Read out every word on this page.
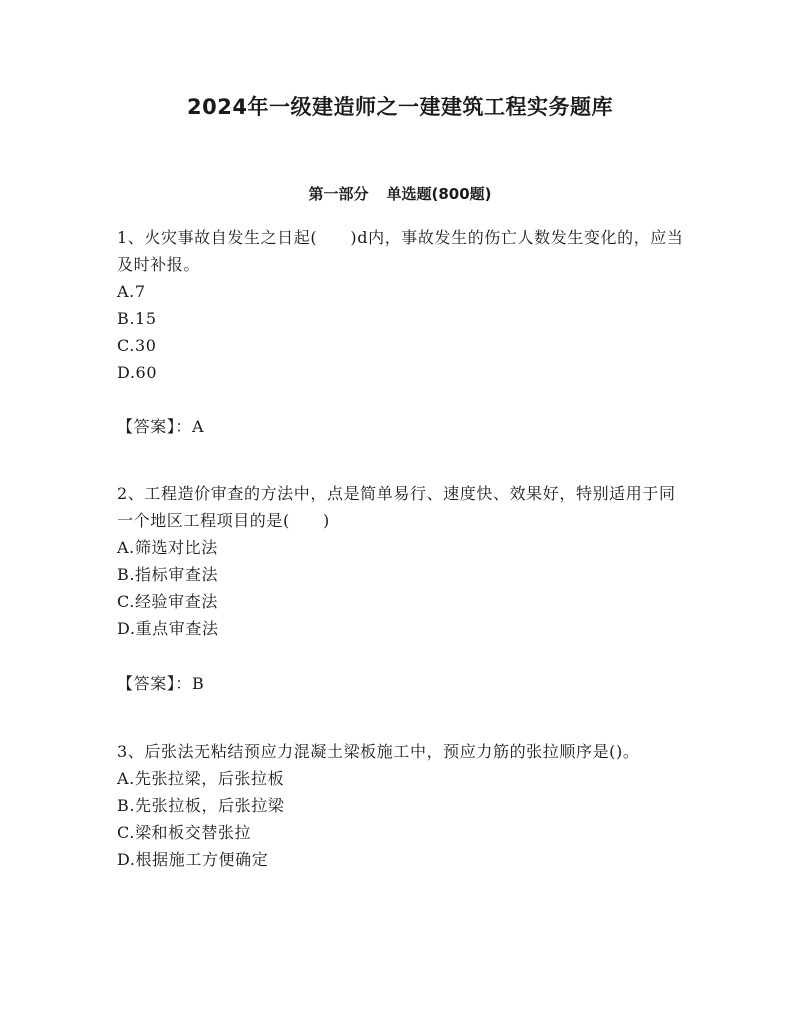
2024年一级建造师之一建建筑工程实务题库
第一部分 单选题(800题)

1、火灾事故自发生之日起(　　)d内，事故发生的伤亡人数发生变化的，应当及时补报。

A.7

B.15

C.30

D.60

【答案】：A

2、工程造价审查的方法中，点是简单易行、速度快、效果好，特别适用于同一个地区工程项目的是(　　)

A.筛选对比法

B.指标审查法

C.经验审查法

D.重点审查法

【答案】：B

3、后张法无粘结预应力混凝土梁板施工中，预应力筋的张拉顺序是()。

A.先张拉梁，后张拉板

B.先张拉板，后张拉梁

C.梁和板交替张拉

D.根据施工方便确定
